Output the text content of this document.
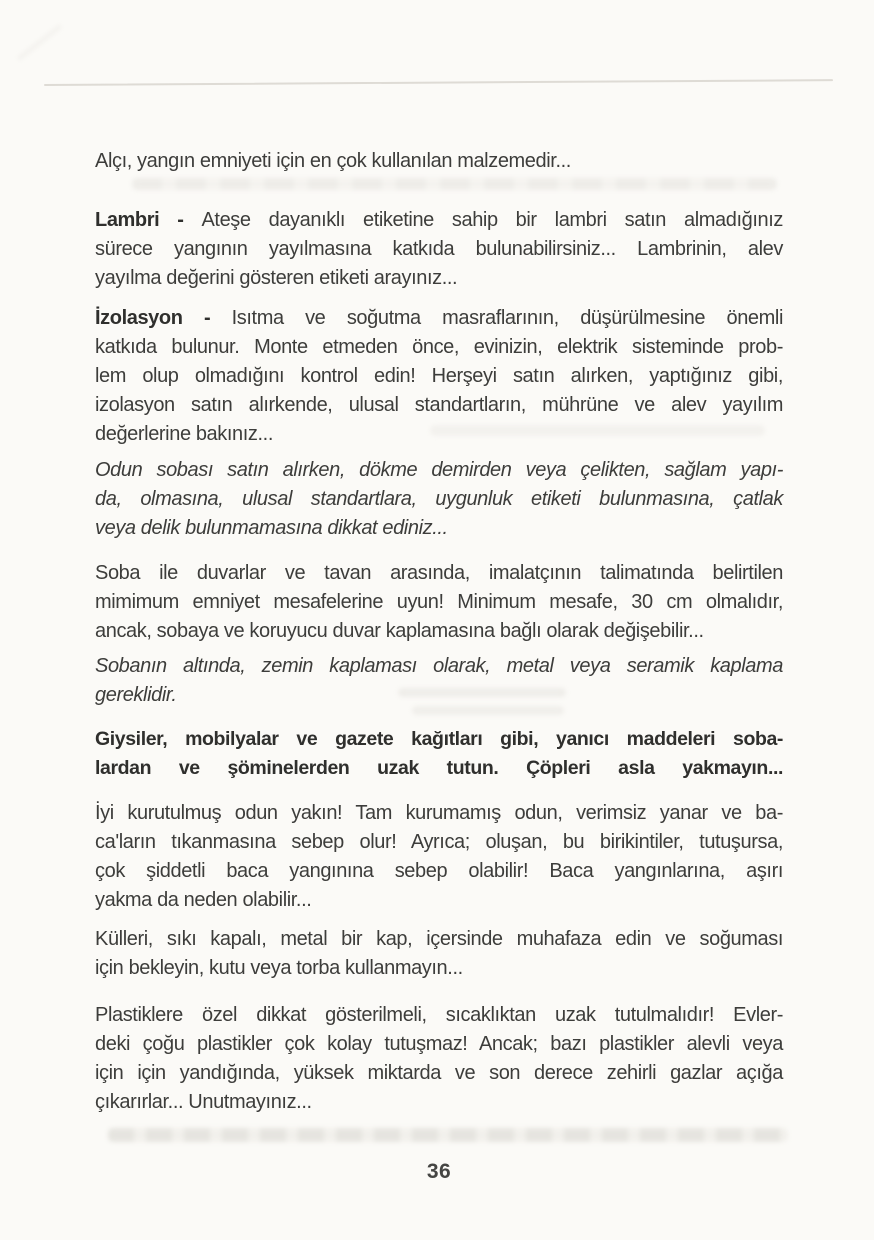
Alçı, yangın emniyeti için en çok kullanılan malzemedir...

Lambri - Ateşe dayanıklı etiketine sahip bir lambri satın almadığınız
sürece yangının yayılmasına katkıda bulunabilirsiniz... Lambrinin, alev
yayılma değerini gösteren etiketi arayınız...

İzolasyon - Isıtma ve soğutma masraflarının, düşürülmesine önemli
katkıda bulunur. Monte etmeden önce, evinizin, elektrik sisteminde prob-
lem olup olmadığını kontrol edin! Herşeyi satın alırken, yaptığınız gibi,
izolasyon satın alırkende, ulusal standartların, mührüne ve alev yayılım
değerlerine bakınız...

Odun sobası satın alırken, dökme demirden veya çelikten, sağlam yapı-
da, olmasına, ulusal standartlara, uygunluk etiketi bulunmasına, çatlak
veya delik bulunmamasına dikkat ediniz...

Soba ile duvarlar ve tavan arasında, imalatçının talimatında belirtilen
mimimum emniyet mesafelerine uyun! Minimum mesafe, 30 cm olmalıdır,
ancak, sobaya ve koruyucu duvar kaplamasına bağlı olarak değişebilir...

Sobanın altında, zemin kaplaması olarak, metal veya seramik kaplama
gereklidir.

Giysiler, mobilyalar ve gazete kağıtları gibi, yanıcı maddeleri soba-
lardan ve şöminelerden uzak tutun. Çöpleri asla yakmayın...

İyi kurutulmuş odun yakın! Tam kurumamış odun, verimsiz yanar ve ba-
ca'ların tıkanmasına sebep olur! Ayrıca; oluşan, bu birikintiler, tutuşursa,
çok şiddetli baca yangınına sebep olabilir! Baca yangınlarına, aşırı
yakma da neden olabilir...

Külleri, sıkı kapalı, metal bir kap, içersinde muhafaza edin ve soğuması
için bekleyin, kutu veya torba kullanmayın...

Plastiklere özel dikkat gösterilmeli, sıcaklıktan uzak tutulmalıdır! Evler-
deki çoğu plastikler çok kolay tutuşmaz! Ancak; bazı plastikler alevli veya
için için yandığında, yüksek miktarda ve son derece zehirli gazlar açığa
çıkarırlar... Unutmayınız...

36
